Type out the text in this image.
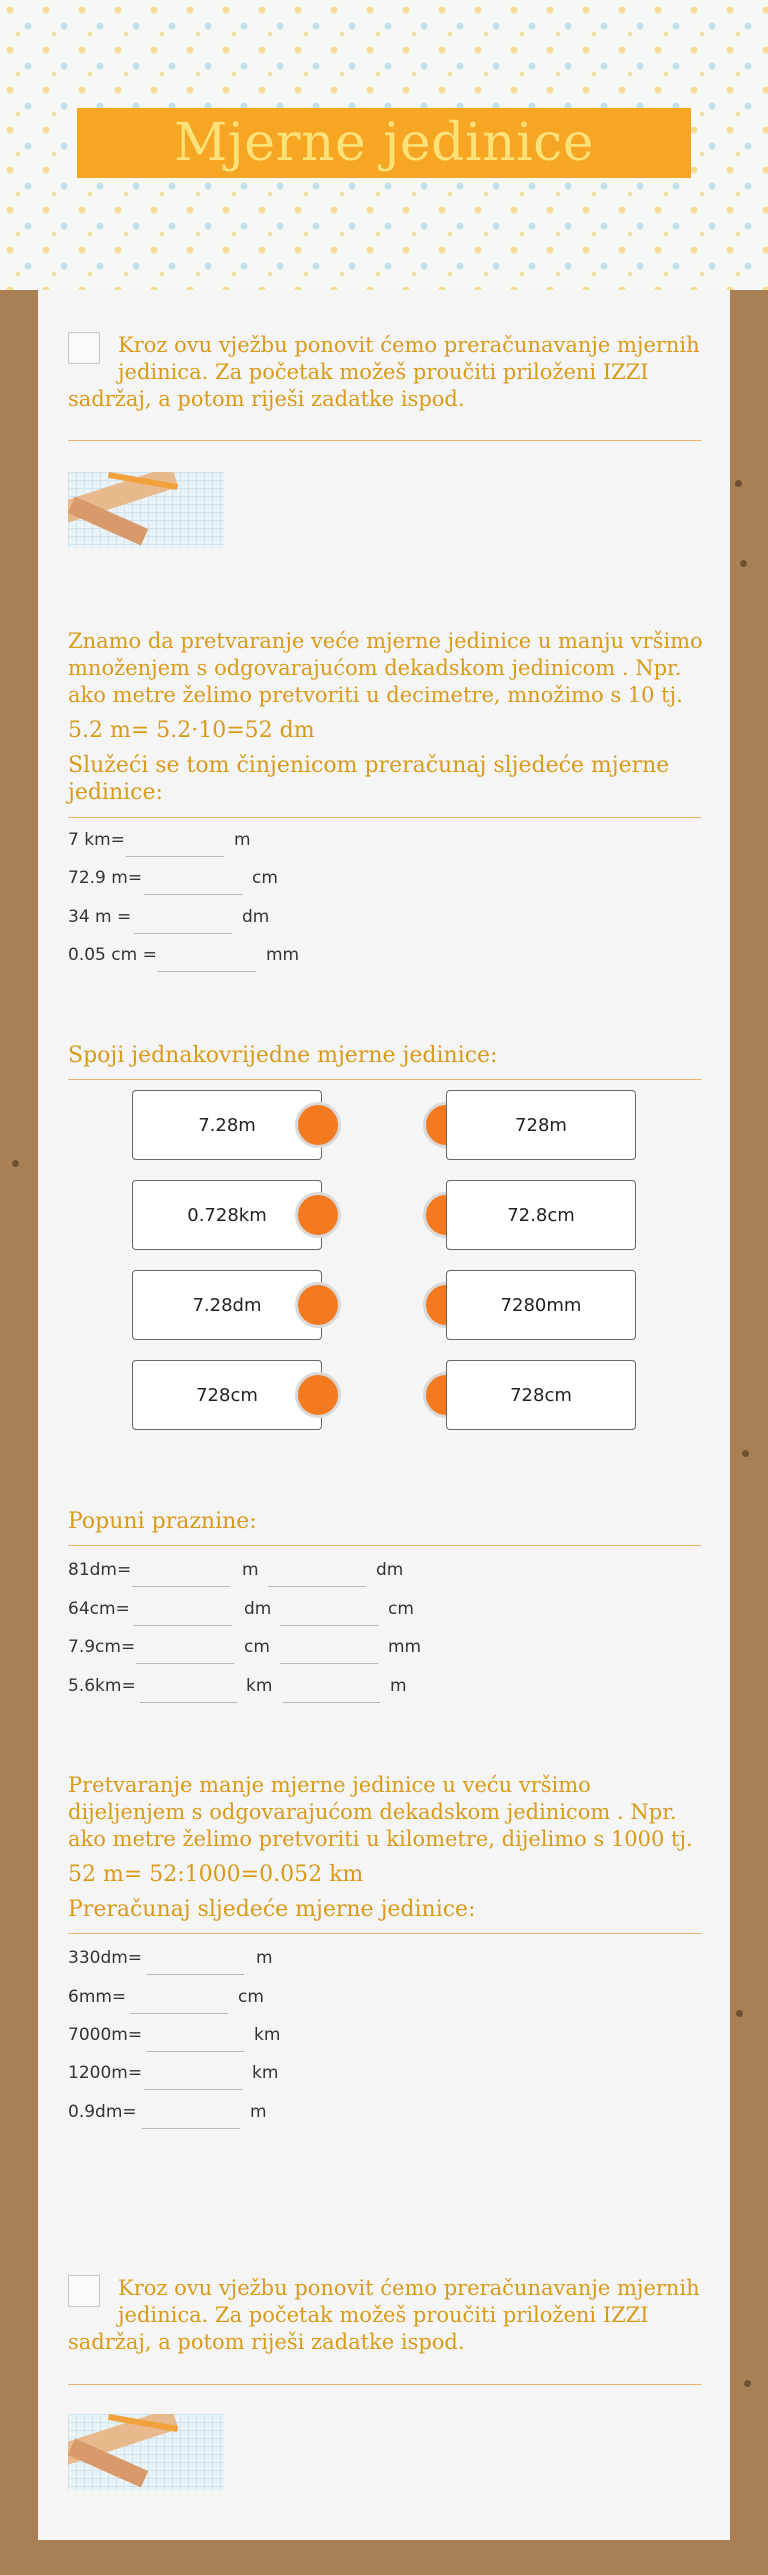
Mjerne jedinice
Kroz ovu vježbu ponovit ćemo preračunavanje mjernih jedinica. Za početak možeš proučiti priloženi IZZI sadržaj, a potom riješi zadatke ispod.
Znamo da pretvaranje veće mjerne jedinice u manju vršimo množenjem s odgovarajućom dekadskom jedinicom . Npr. ako metre želimo pretvoriti u decimetre, množimo s 10 tj.
5.2 m= 5.2·10=52 dm
Služeći se tom činjenicom preračunaj sljedeće mjerne jedinice:
7 km=	m
72.9 m=	cm
34 m =	dm
0.05 cm =	mm
Spoji jednakovrijedne mjerne jedinice:
7.28m	728m
0.728km	72.8cm
7.28dm	7280mm
728cm	728cm
Popuni praznine:
81dm=	m	dm
64cm=	dm	cm
7.9cm=	cm	mm
5.6km=	km	m
Pretvaranje manje mjerne jedinice u veću vršimo dijeljenjem s odgovarajućom dekadskom jedinicom . Npr. ako metre želimo pretvoriti u kilometre, dijelimo s 1000 tj.
52 m= 52:1000=0.052 km
Preračunaj sljedeće mjerne jedinice:
330dm=	m
6mm=	cm
7000m=	km
1200m=	km
0.9dm=	m
Kroz ovu vježbu ponovit ćemo preračunavanje mjernih jedinica. Za početak možeš proučiti priloženi IZZI sadržaj, a potom riješi zadatke ispod.
